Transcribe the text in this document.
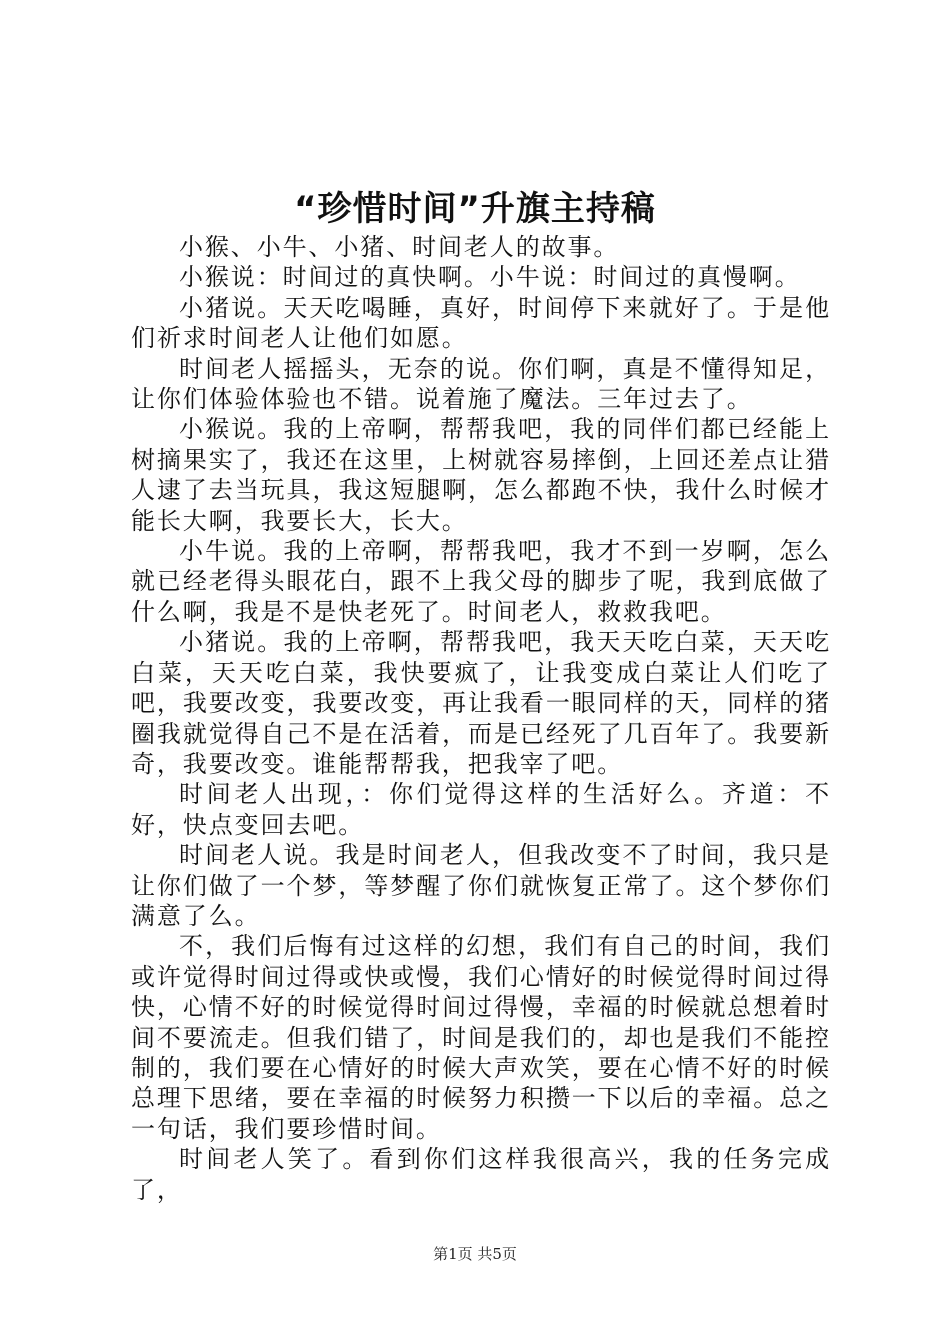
“珍惜时间”升旗主持稿

小猴、小牛、小猪、时间老人的故事。

小猴说：时间过的真快啊。小牛说：时间过的真慢啊。

小猪说。天天吃喝睡，真好，时间停下来就好了。于是他们祈求时间老人让他们如愿。

时间老人摇摇头，无奈的说。你们啊，真是不懂得知足，让你们体验体验也不错。说着施了魔法。三年过去了。

小猴说。我的上帝啊，帮帮我吧，我的同伴们都已经能上树摘果实了，我还在这里，上树就容易摔倒，上回还差点让猎人逮了去当玩具，我这短腿啊，怎么都跑不快，我什么时候才能长大啊，我要长大，长大。

小牛说。我的上帝啊，帮帮我吧，我才不到一岁啊，怎么就已经老得头眼花白，跟不上我父母的脚步了呢，我到底做了什么啊，我是不是快老死了。时间老人，救救我吧。

小猪说。我的上帝啊，帮帮我吧，我天天吃白菜，天天吃白菜，天天吃白菜，我快要疯了，让我变成白菜让人们吃了吧，我要改变，我要改变，再让我看一眼同样的天，同样的猪圈我就觉得自己不是在活着，而是已经死了几百年了。我要新奇，我要改变。谁能帮帮我，把我宰了吧。

时间老人出现，：你们觉得这样的生活好么。齐道：不好，快点变回去吧。

时间老人说。我是时间老人，但我改变不了时间，我只是让你们做了一个梦，等梦醒了你们就恢复正常了。这个梦你们满意了么。

不，我们后悔有过这样的幻想，我们有自己的时间，我们或许觉得时间过得或快或慢，我们心情好的时候觉得时间过得快，心情不好的时候觉得时间过得慢，幸福的时候就总想着时间不要流走。但我们错了，时间是我们的，却也是我们不能控制的，我们要在心情好的时候大声欢笑，要在心情不好的时候总理下思绪，要在幸福的时候努力积攒一下以后的幸福。总之一句话，我们要珍惜时间。

时间老人笑了。看到你们这样我很高兴，我的任务完成了，

第1页 共5页
